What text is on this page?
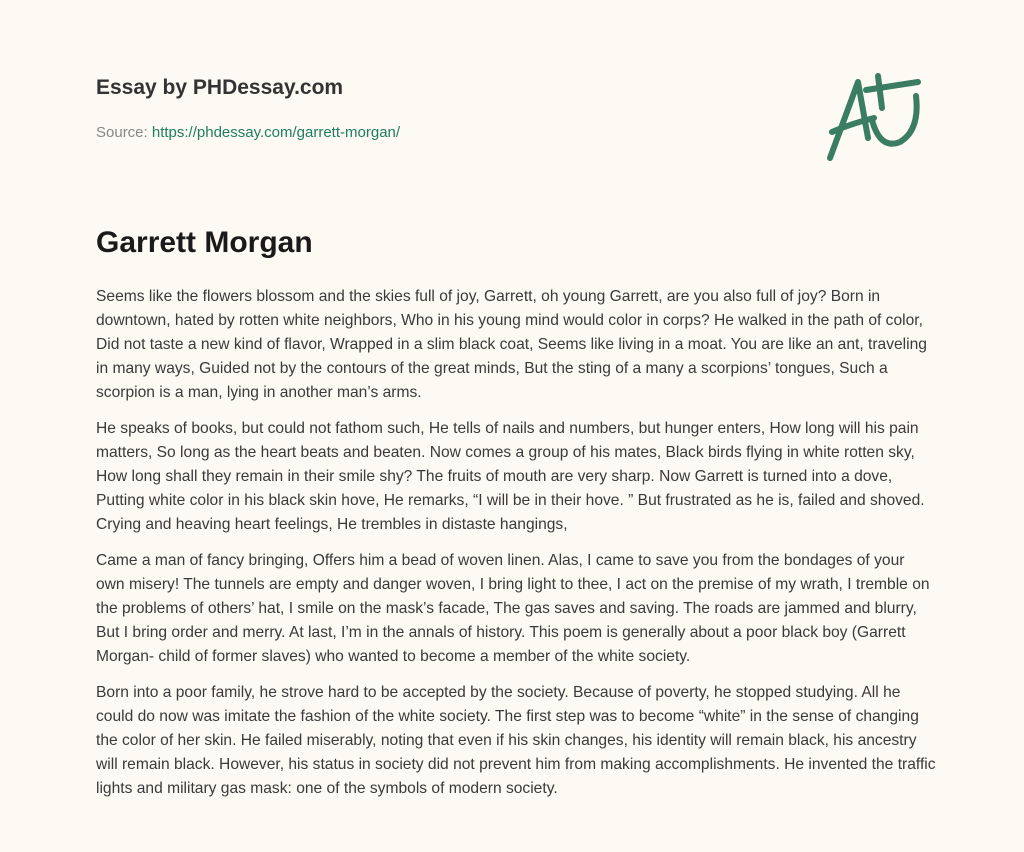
Essay by PHDessay.com
Source: https://phdessay.com/garrett-morgan/
Garrett Morgan

Seems like the flowers blossom and the skies full of joy, Garrett, oh young Garrett, are you also full of joy? Born in downtown, hated by rotten white neighbors, Who in his young mind would color in corps? He walked in the path of color, Did not taste a new kind of flavor, Wrapped in a slim black coat, Seems like living in a moat. You are like an ant, traveling in many ways, Guided not by the contours of the great minds, But the sting of a many a scorpions’ tongues, Such a scorpion is a man, lying in another man’s arms.

He speaks of books, but could not fathom such, He tells of nails and numbers, but hunger enters, How long will his pain matters, So long as the heart beats and beaten. Now comes a group of his mates, Black birds flying in white rotten sky, How long shall they remain in their smile shy? The fruits of mouth are very sharp. Now Garrett is turned into a dove, Putting white color in his black skin hove, He remarks, “I will be in their hove. ” But frustrated as he is, failed and shoved. Crying and heaving heart feelings, He trembles in distaste hangings,

Came a man of fancy bringing, Offers him a bead of woven linen. Alas, I came to save you from the bondages of your own misery! The tunnels are empty and danger woven, I bring light to thee, I act on the premise of my wrath, I tremble on the problems of others’ hat, I smile on the mask’s facade, The gas saves and saving. The roads are jammed and blurry, But I bring order and merry. At last, I’m in the annals of history. This poem is generally about a poor black boy (Garrett Morgan- child of former slaves) who wanted to become a member of the white society.

Born into a poor family, he strove hard to be accepted by the society. Because of poverty, he stopped studying. All he could do now was imitate the fashion of the white society. The first step was to become “white” in the sense of changing the color of her skin. He failed miserably, noting that even if his skin changes, his identity will remain black, his ancestry will remain black. However, his status in society did not prevent him from making accomplishments. He invented the traffic lights and military gas mask: one of the symbols of modern society.
